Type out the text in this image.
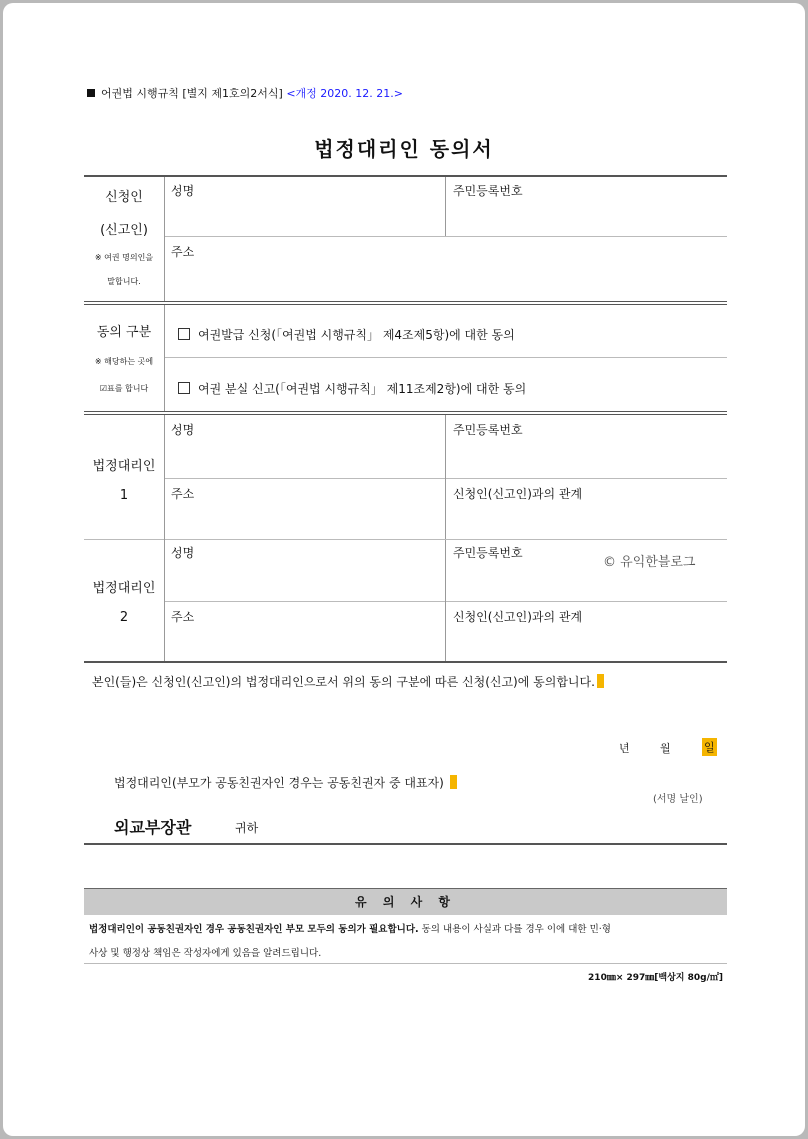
어권법 시행규칙 [별지 제1호의2서식] <개정 2020. 12. 21.>
법정대리인 동의서
신청인
(신고인)
※ 여권 명의인을
말합니다.
성명	주민등록번호
주소
동의 구분
※ 해당하는 곳에
☑표를 합니다
여권발급 신청(「여권법 시행규칙」 제4조제5항)에 대한 동의
여권 분실 신고(「여권법 시행규칙」 제11조제2항)에 대한 동의
법정대리인
1
성명	주민등록번호
주소	신청인(신고인)과의 관계
법정대리인
2
성명	주민등록번호
주소	신청인(신고인)과의 관계
© 유익한블로그
본인(들)은 신청인(신고인)의 법정대리인으로서 위의 동의 구분에 따른 신청(신고)에 동의합니다.
년	월	일
법정대리인(부모가 공동친권자인 경우는 공동친권자 중 대표자)
(서명 날인)
외교부장관	귀하
유 의 사 항
법정대리인이 공동친권자인 경우 공동친권자인 부모 모두의 동의가 필요합니다. 동의 내용이 사실과 다를 경우 이에 대한 민·형
사상 및 행정상 책임은 작성자에게 있음을 알려드립니다.
210㎜× 297㎜[백상지 80g/㎡]
